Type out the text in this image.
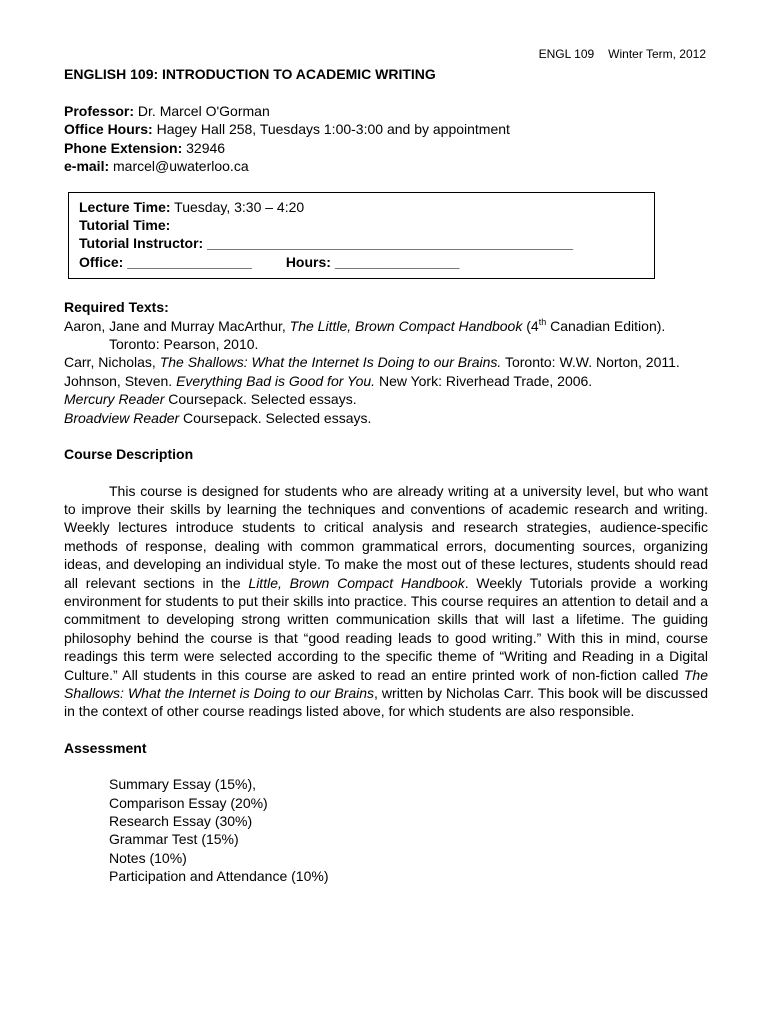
ENGL 109 Winter Term, 2012
ENGLISH 109: INTRODUCTION TO ACADEMIC WRITING
Professor: Dr. Marcel O'Gorman
Office Hours: Hagey Hall 258, Tuesdays 1:00-3:00 and by appointment
Phone Extension: 32946
e-mail: marcel@uwaterloo.ca
Lecture Time: Tuesday, 3:30 – 4:20
Tutorial Time:
Tutorial Instructor: _______________________________________________
Office: ________________ Hours: ________________
Required Texts:
Aaron, Jane and Murray MacArthur, The Little, Brown Compact Handbook (4th Canadian Edition). Toronto: Pearson, 2010.
Carr, Nicholas, The Shallows: What the Internet Is Doing to our Brains. Toronto: W.W. Norton, 2011.
Johnson, Steven. Everything Bad is Good for You. New York: Riverhead Trade, 2006.
Mercury Reader Coursepack. Selected essays.
Broadview Reader Coursepack. Selected essays.
Course Description
This course is designed for students who are already writing at a university level, but who want to improve their skills by learning the techniques and conventions of academic research and writing. Weekly lectures introduce students to critical analysis and research strategies, audience-specific methods of response, dealing with common grammatical errors, documenting sources, organizing ideas, and developing an individual style. To make the most out of these lectures, students should read all relevant sections in the Little, Brown Compact Handbook. Weekly Tutorials provide a working environment for students to put their skills into practice. This course requires an attention to detail and a commitment to developing strong written communication skills that will last a lifetime. The guiding philosophy behind the course is that “good reading leads to good writing.” With this in mind, course readings this term were selected according to the specific theme of “Writing and Reading in a Digital Culture.” All students in this course are asked to read an entire printed work of non-fiction called The Shallows: What the Internet is Doing to our Brains, written by Nicholas Carr. This book will be discussed in the context of other course readings listed above, for which students are also responsible.
Assessment
Summary Essay (15%),
Comparison Essay (20%)
Research Essay (30%)
Grammar Test (15%)
Notes (10%)
Participation and Attendance (10%)
